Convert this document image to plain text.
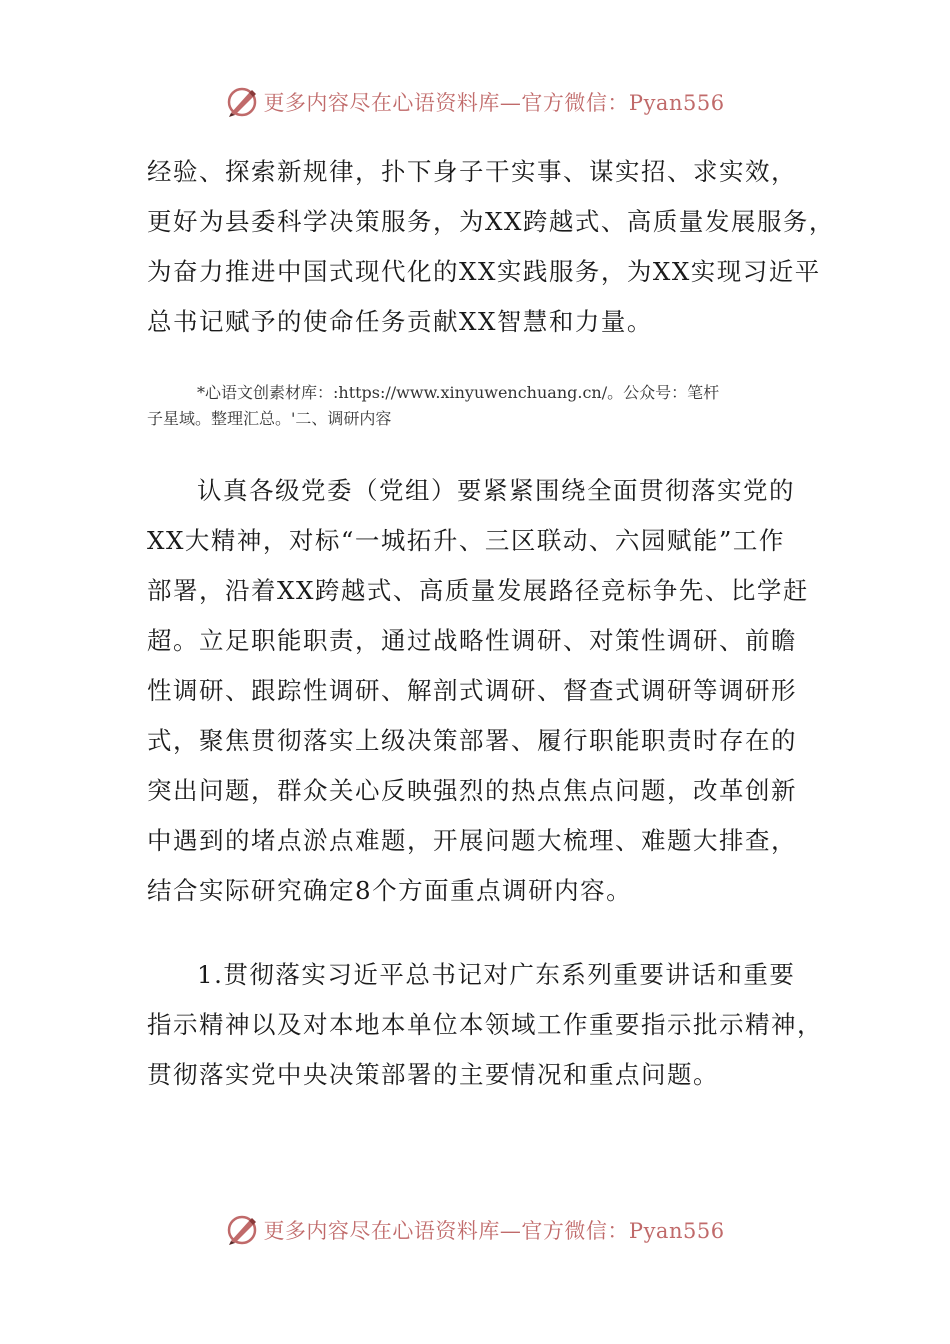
更多内容尽在心语资料库—官方微信：Pyan556
经验、探索新规律，扑下身子干实事、谋实招、求实效，
更好为县委科学决策服务，为XX跨越式、高质量发展服务，
为奋力推进中国式现代化的XX实践服务，为XX实现习近平
总书记赋予的使命任务贡献XX智慧和力量。
*心语文创素材库：:https://www.xinyuwenchuang.cn/。公众号：笔杆
子星域。整理汇总。'二、调研内容
认真各级党委（党组）要紧紧围绕全面贯彻落实党的
XX大精神，对标“一城拓升、三区联动、六园赋能”工作
部署，沿着XX跨越式、高质量发展路径竞标争先、比学赶
超。立足职能职责，通过战略性调研、对策性调研、前瞻
性调研、跟踪性调研、解剖式调研、督查式调研等调研形
式，聚焦贯彻落实上级决策部署、履行职能职责时存在的
突出问题，群众关心反映强烈的热点焦点问题，改革创新
中遇到的堵点淤点难题，开展问题大梳理、难题大排查，
结合实际研究确定8个方面重点调研内容。
1.贯彻落实习近平总书记对广东系列重要讲话和重要
指示精神以及对本地本单位本领域工作重要指示批示精神，
贯彻落实党中央决策部署的主要情况和重点问题。
更多内容尽在心语资料库—官方微信：Pyan556
